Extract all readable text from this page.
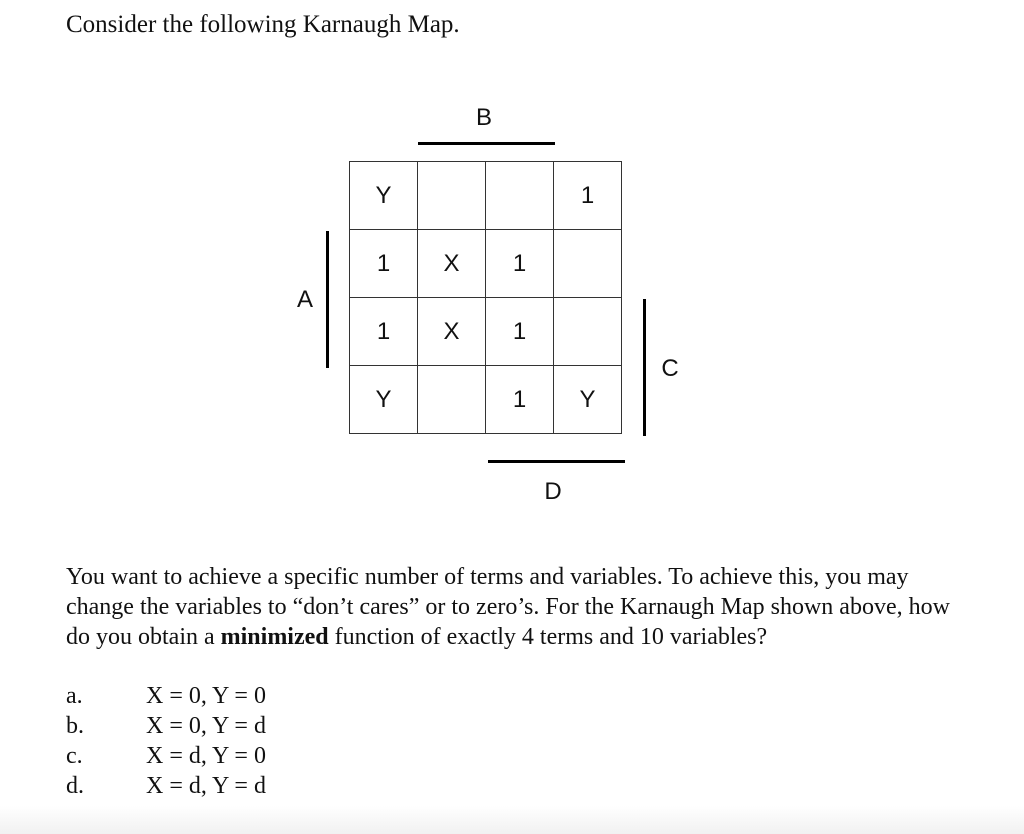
Consider the following Karnaugh Map.
B
A
Y			1
1	X	1	
1	X	1	
Y		1	Y
C
D
You want to achieve a specific number of terms and variables. To achieve this, you may change the variables to “don’t cares” or to zero’s. For the Karnaugh Map shown above, how do you obtain a minimized function of exactly 4 terms and 10 variables?
a.	X = 0, Y = 0
b.	X = 0, Y = d
c.	X = d, Y = 0
d.	X = d, Y = d
